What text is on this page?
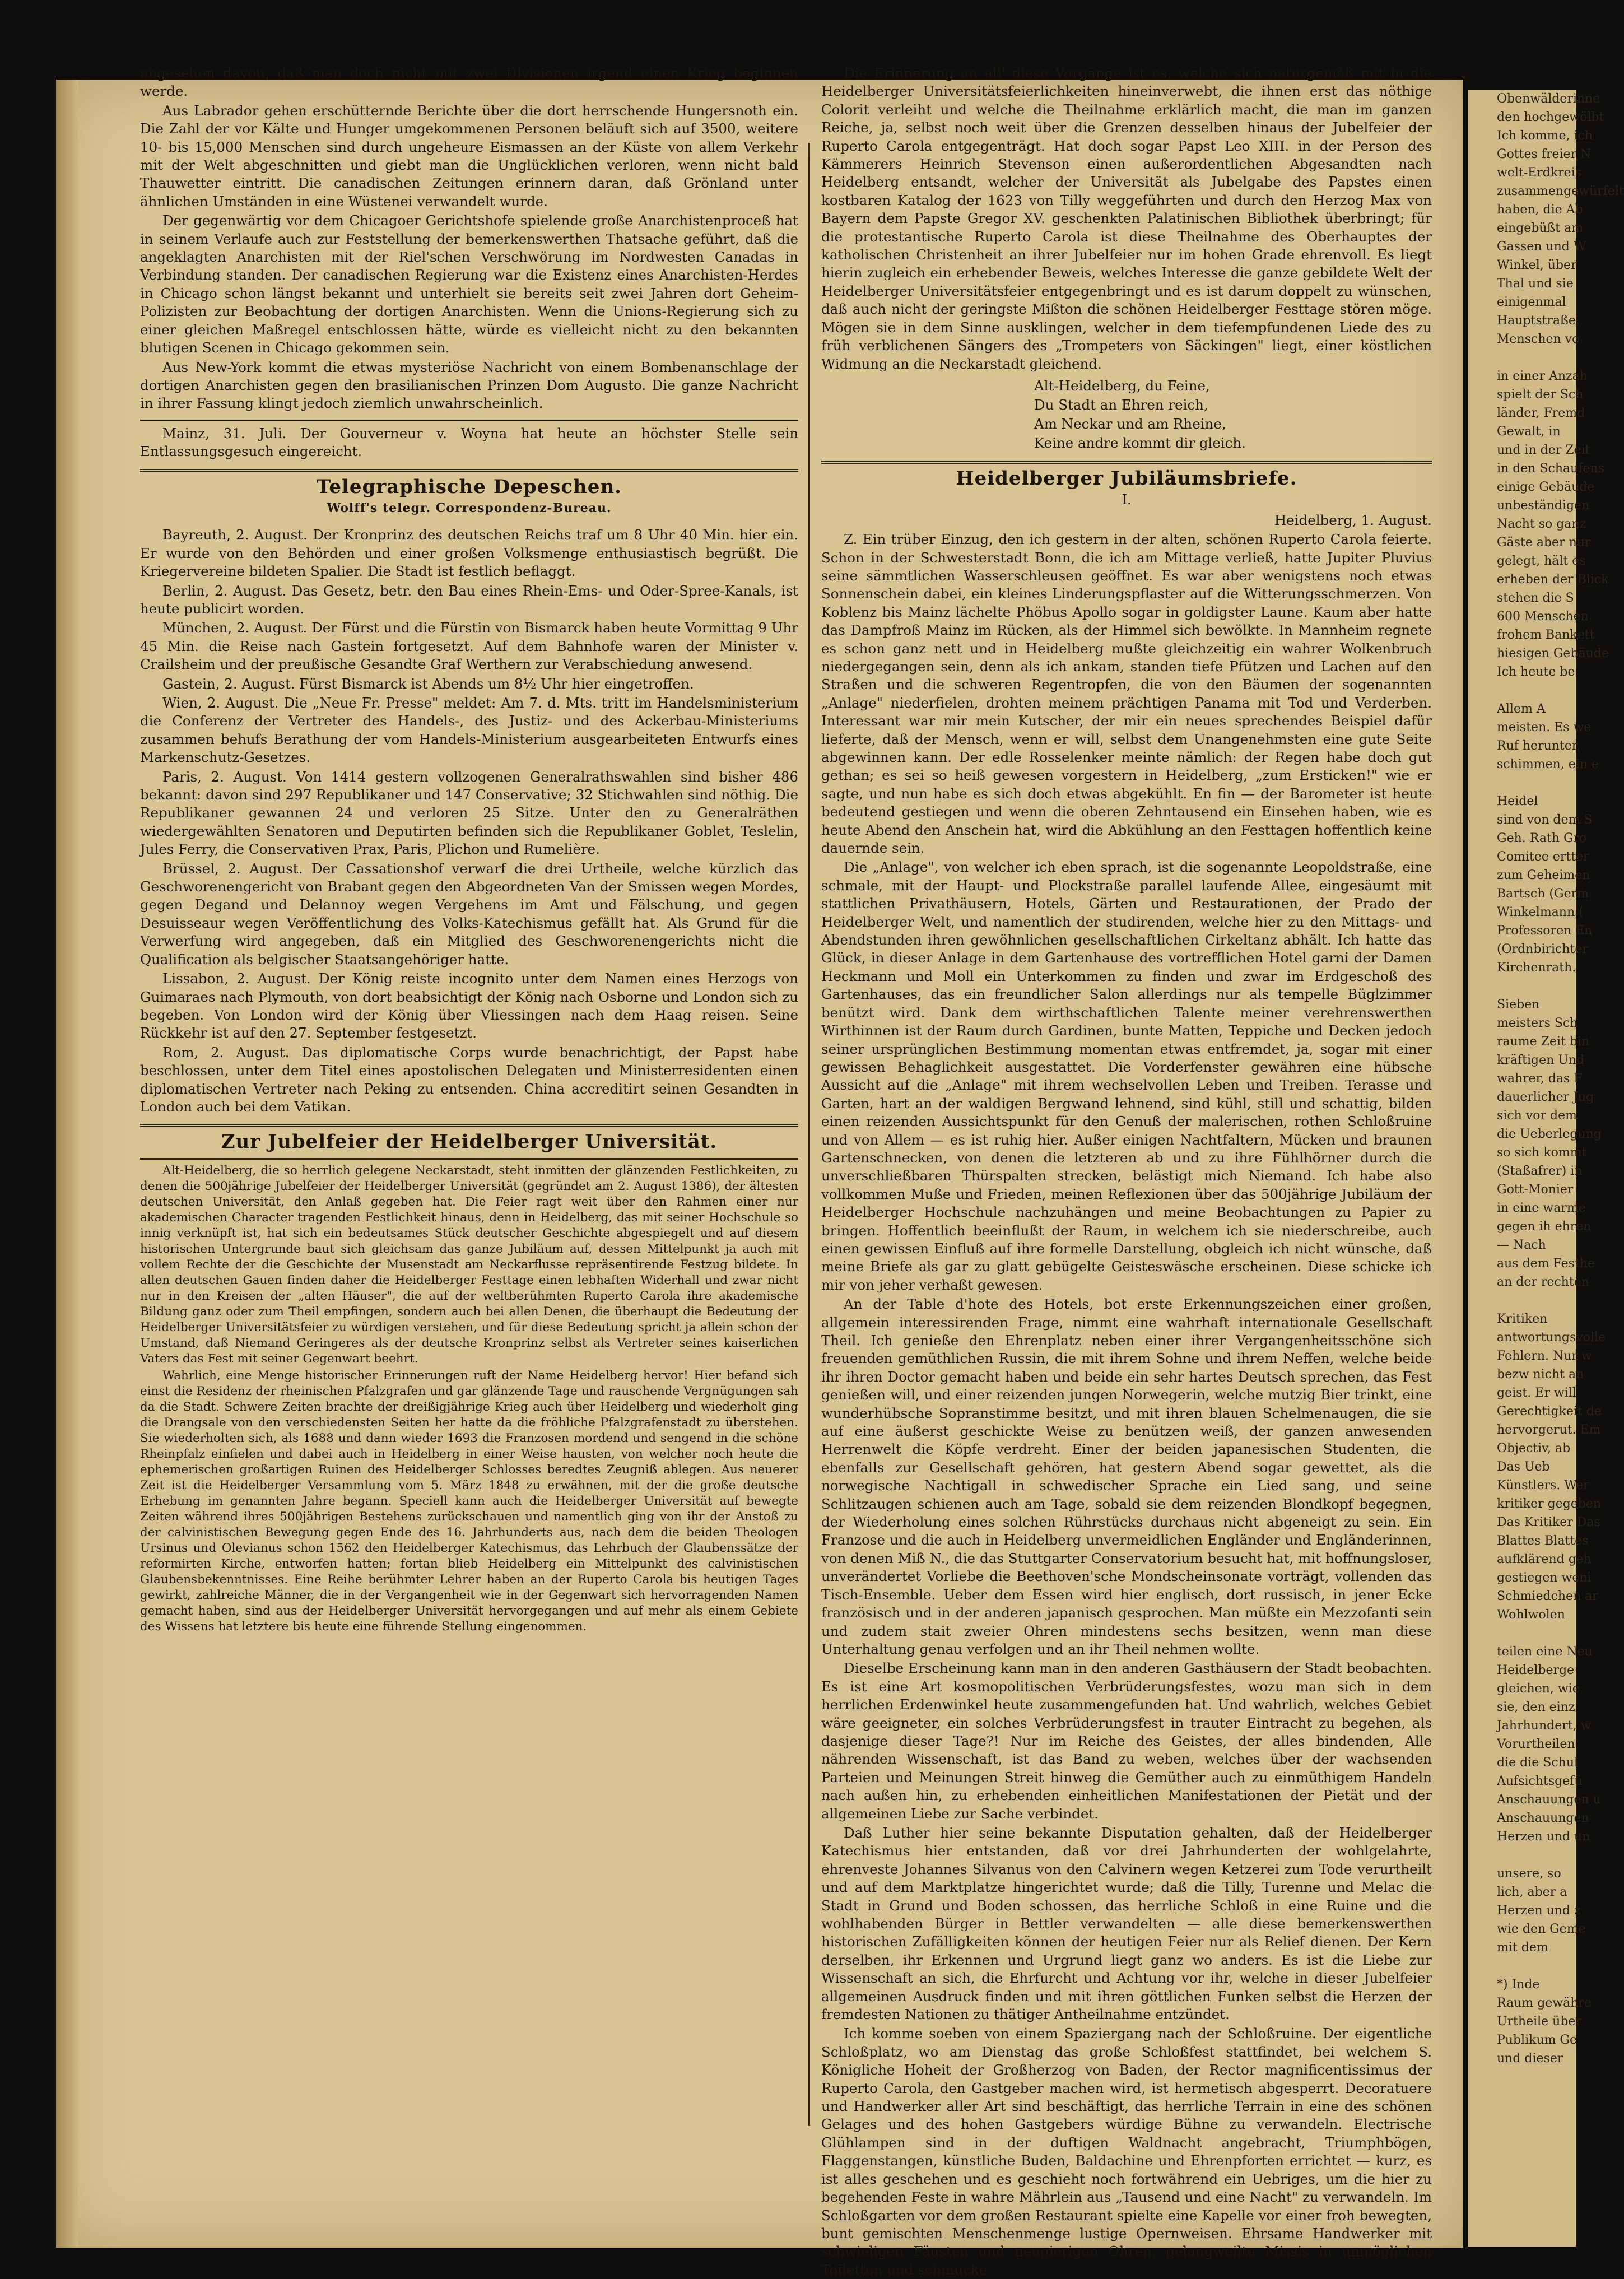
Obenwälderinne

den hochgewölbt

Ich komme, ich

Gottes freier N

welt-Erdkreis

zusammengewürfelt

haben, die Ab

eingebüßt am

Gassen und W

Winkel, über

Thal und sie

einigenmal

Hauptstraße,

Menschen vo

in einer Anzah

spielt der Sch

länder, Fremd

Gewalt, in

und in der Zeit

in den Schaufens

einige Gebäude

unbeständigen

Nacht so ganz

Gäste aber nur

gelegt, hält es

erheben der Blick

stehen die S

600 Menschen

frohem Bankett

hiesigen Gebäude

Ich heute be

Allem A

meisten. Es we

Ruf herunter,

schimmen, ein e

Heidel

sind von dem S

Geh. Rath Gro

Comitee ertter

zum Geheimen

Bartsch (Germ

Winkelmann (

Professoren En

(Ordnbirichter

Kirchenrath.

Sieben

meisters Sch

raume Zeit bin

kräftigen Und

wahrer, das F

dauerlicher Jug

sich vor dem

die Ueberlegung

so sich kommt

(Staßafrer) in

Gott-Monier

in eine warme

gegen ih ehren

— Nach

aus dem Festhe

an der rechten

Kritiken

antwortungsvolle

Fehlern. Nur w

bezw nicht an

geist. Er will

Gerechtigkeit de

hervorgerut. Em

Objectiv, ab

Das Ueb

Künstlers. Wer

kritiker gegeben

Das Kritiker Das

Blattes Blattes

aufklärend geh

gestiegen weni

Schmiedchen ar

Wohlwolen

teilen eine Neu

Heidelberge

gleichen, wie

sie, den einz

Jahrhundert, w

Vorurtheilen

die die Schul

Aufsichtsgefü

Anschauungen u

Anschauungen

Herzen und un

unsere, so

lich, aber a

Herzen und z

wie den Geme

mit dem

*) Inde

Raum gewähre

Urtheile über

Publikum Ge

und dieser

abgesehen davon, daß man doch nicht mit zwei Divisionen irgend einen Krieg beginnen werde.

Aus Labrador gehen erschütternde Berichte über die dort herrschende Hungersnoth ein. Die Zahl der vor Kälte und Hunger umgekommenen Personen beläuft sich auf 3500, weitere 10- bis 15,000 Menschen sind durch ungeheure Eismassen an der Küste von allem Verkehr mit der Welt abgeschnitten und giebt man die Unglücklichen verloren, wenn nicht bald Thauwetter eintritt. Die canadischen Zeitungen erinnern daran, daß Grönland unter ähnlichen Umständen in eine Wüstenei verwandelt wurde.

Der gegenwärtig vor dem Chicagoer Gerichtshofe spielende große Anarchistenproceß hat in seinem Verlaufe auch zur Feststellung der bemerkenswerthen Thatsache geführt, daß die angeklagten Anarchisten mit der Riel'schen Verschwörung im Nordwesten Canadas in Verbindung standen. Der canadischen Regierung war die Existenz eines Anarchisten-Herdes in Chicago schon längst bekannt und unterhielt sie bereits seit zwei Jahren dort Geheim-Polizisten zur Beobachtung der dortigen Anarchisten. Wenn die Unions-Regierung sich zu einer gleichen Maßregel entschlossen hätte, würde es vielleicht nicht zu den bekannten blutigen Scenen in Chicago gekommen sein.

Aus New-York kommt die etwas mysteriöse Nachricht von einem Bombenanschlage der dortigen Anarchisten gegen den brasilianischen Prinzen Dom Augusto. Die ganze Nachricht in ihrer Fassung klingt jedoch ziemlich unwahrscheinlich.

Mainz, 31. Juli. Der Gouverneur v. Woyna hat heute an höchster Stelle sein Entlassungsgesuch eingereicht.

Telegraphische Depeschen.
Wolff's telegr. Correspondenz-Bureau.

Bayreuth, 2. August. Der Kronprinz des deutschen Reichs traf um 8 Uhr 40 Min. hier ein. Er wurde von den Behörden und einer großen Volksmenge enthusiastisch begrüßt. Die Kriegervereine bildeten Spalier. Die Stadt ist festlich beflaggt.

Berlin, 2. August. Das Gesetz, betr. den Bau eines Rhein-Ems- und Oder-Spree-Kanals, ist heute publicirt worden.

München, 2. August. Der Fürst und die Fürstin von Bismarck haben heute Vormittag 9 Uhr 45 Min. die Reise nach Gastein fortgesetzt. Auf dem Bahnhofe waren der Minister v. Crailsheim und der preußische Gesandte Graf Werthern zur Verabschiedung anwesend.

Gastein, 2. August. Fürst Bismarck ist Abends um 8½ Uhr hier eingetroffen.

Wien, 2. August. Die „Neue Fr. Presse" meldet: Am 7. d. Mts. tritt im Handelsministerium die Conferenz der Vertreter des Handels-, des Justiz- und des Ackerbau-Ministeriums zusammen behufs Berathung der vom Handels-Ministerium ausgearbeiteten Entwurfs eines Markenschutz-Gesetzes.

Paris, 2. August. Von 1414 gestern vollzogenen Generalrathswahlen sind bisher 486 bekannt: davon sind 297 Republikaner und 147 Conservative; 32 Stichwahlen sind nöthig. Die Republikaner gewannen 24 und verloren 25 Sitze. Unter den zu Generalräthen wiedergewählten Senatoren und Deputirten befinden sich die Republikaner Goblet, Teslelin, Jules Ferry, die Conservativen Prax, Paris, Plichon und Rumelière.

Brüssel, 2. August. Der Cassationshof verwarf die drei Urtheile, welche kürzlich das Geschworenengericht von Brabant gegen den Abgeordneten Van der Smissen wegen Mordes, gegen Degand und Delannoy wegen Vergehens im Amt und Fälschung, und gegen Desuisseaur wegen Veröffentlichung des Volks-Katechismus gefällt hat. Als Grund für die Verwerfung wird angegeben, daß ein Mitglied des Geschworenengerichts nicht die Qualification als belgischer Staatsangehöriger hatte.

Lissabon, 2. August. Der König reiste incognito unter dem Namen eines Herzogs von Guimaraes nach Plymouth, von dort beabsichtigt der König nach Osborne und London sich zu begeben. Von London wird der König über Vliessingen nach dem Haag reisen. Seine Rückkehr ist auf den 27. September festgesetzt.

Rom, 2. August. Das diplomatische Corps wurde benachrichtigt, der Papst habe beschlossen, unter dem Titel eines apostolischen Delegaten und Ministerresidenten einen diplomatischen Vertreter nach Peking zu entsenden. China accreditirt seinen Gesandten in London auch bei dem Vatikan.

Zur Jubelfeier der Heidelberger Universität.

Alt-Heidelberg, die so herrlich gelegene Neckarstadt, steht inmitten der glänzenden Festlichkeiten, zu denen die 500jährige Jubelfeier der Heidelberger Universität (gegründet am 2. August 1386), der ältesten deutschen Universität, den Anlaß gegeben hat. Die Feier ragt weit über den Rahmen einer nur akademischen Character tragenden Festlichkeit hinaus, denn in Heidelberg, das mit seiner Hochschule so innig verknüpft ist, hat sich ein bedeutsames Stück deutscher Geschichte abgespiegelt und auf diesem historischen Untergrunde baut sich gleichsam das ganze Jubiläum auf, dessen Mittelpunkt ja auch mit vollem Rechte der die Geschichte der Musenstadt am Neckarflusse repräsentirende Festzug bildete. In allen deutschen Gauen finden daher die Heidelberger Festtage einen lebhaften Widerhall und zwar nicht nur in den Kreisen der „alten Häuser", die auf der weltberühmten Ruperto Carola ihre akademische Bildung ganz oder zum Theil empfingen, sondern auch bei allen Denen, die überhaupt die Bedeutung der Heidelberger Universitätsfeier zu würdigen verstehen, und für diese Bedeutung spricht ja allein schon der Umstand, daß Niemand Geringeres als der deutsche Kronprinz selbst als Vertreter seines kaiserlichen Vaters das Fest mit seiner Gegenwart beehrt.

Wahrlich, eine Menge historischer Erinnerungen ruft der Name Heidelberg hervor! Hier befand sich einst die Residenz der rheinischen Pfalzgrafen und gar glänzende Tage und rauschende Vergnügungen sah da die Stadt. Schwere Zeiten brachte der dreißigjährige Krieg auch über Heidelberg und wiederholt ging die Drangsale von den verschiedensten Seiten her hatte da die fröhliche Pfalzgrafenstadt zu überstehen. Sie wiederholten sich, als 1688 und dann wieder 1693 die Franzosen mordend und sengend in die schöne Rheinpfalz einfielen und dabei auch in Heidelberg in einer Weise hausten, von welcher noch heute die ephemerischen großartigen Ruinen des Heidelberger Schlosses beredtes Zeugniß ablegen. Aus neuerer Zeit ist die Heidelberger Versammlung vom 5. März 1848 zu erwähnen, mit der die große deutsche Erhebung im genannten Jahre begann. Speciell kann auch die Heidelberger Universität auf bewegte Zeiten während ihres 500jährigen Bestehens zurückschauen und namentlich ging von ihr der Anstoß zu der calvinistischen Bewegung gegen Ende des 16. Jahrhunderts aus, nach dem die beiden Theologen Ursinus und Olevianus schon 1562 den Heidelberger Katechismus, das Lehrbuch der Glaubenssätze der reformirten Kirche, entworfen hatten; fortan blieb Heidelberg ein Mittelpunkt des calvinistischen Glaubensbekenntnisses. Eine Reihe berühmter Lehrer haben an der Ruperto Carola bis heutigen Tages gewirkt, zahlreiche Männer, die in der Vergangenheit wie in der Gegenwart sich hervorragenden Namen gemacht haben, sind aus der Heidelberger Universität hervorgegangen und auf mehr als einem Gebiete des Wissens hat letztere bis heute eine führende Stellung eingenommen.

Die Erinnerung an all' diese Vorgänge ist es, welche sich naturgemäß mit in die Heidelberger Universitätsfeierlichkeiten hineinverwebt, die ihnen erst das nöthige Colorit verleiht und welche die Theilnahme erklärlich macht, die man im ganzen Reiche, ja, selbst noch weit über die Grenzen desselben hinaus der Jubelfeier der Ruperto Carola entgegenträgt. Hat doch sogar Papst Leo XIII. in der Person des Kämmerers Heinrich Stevenson einen außerordentlichen Abgesandten nach Heidelberg entsandt, welcher der Universität als Jubelgabe des Papstes einen kostbaren Katalog der 1623 von Tilly weggeführten und durch den Herzog Max von Bayern dem Papste Gregor XV. geschenkten Palatinischen Bibliothek überbringt; für die protestantische Ruperto Carola ist diese Theilnahme des Oberhauptes der katholischen Christenheit an ihrer Jubelfeier nur im hohen Grade ehrenvoll. Es liegt hierin zugleich ein erhebender Beweis, welches Interesse die ganze gebildete Welt der Heidelberger Universitätsfeier entgegenbringt und es ist darum doppelt zu wünschen, daß auch nicht der geringste Mißton die schönen Heidelberger Festtage stören möge. Mögen sie in dem Sinne ausklingen, welcher in dem tiefempfundenen Liede des zu früh verblichenen Sängers des „Trompeters von Säckingen" liegt, einer köstlichen Widmung an die Neckarstadt gleichend.

Alt-Heidelberg, du Feine,
Du Stadt an Ehren reich,
Am Neckar und am Rheine,
Keine andre kommt dir gleich.

Heidelberger Jubiläumsbriefe.

I.

Heidelberg, 1. August.

Z. Ein trüber Einzug, den ich gestern in der alten, schönen Ruperto Carola feierte. Schon in der Schwesterstadt Bonn, die ich am Mittage verließ, hatte Jupiter Pluvius seine sämmtlichen Wasserschleusen geöffnet. Es war aber wenigstens noch etwas Sonnenschein dabei, ein kleines Linderungspflaster auf die Witterungsschmerzen. Von Koblenz bis Mainz lächelte Phöbus Apollo sogar in goldigster Laune. Kaum aber hatte das Dampfroß Mainz im Rücken, als der Himmel sich bewölkte. In Mannheim regnete es schon ganz nett und in Heidelberg mußte gleichzeitig ein wahrer Wolkenbruch niedergegangen sein, denn als ich ankam, standen tiefe Pfützen und Lachen auf den Straßen und die schweren Regentropfen, die von den Bäumen der sogenannten „Anlage" niederfielen, drohten meinem prächtigen Panama mit Tod und Verderben. Interessant war mir mein Kutscher, der mir ein neues sprechendes Beispiel dafür lieferte, daß der Mensch, wenn er will, selbst dem Unangenehmsten eine gute Seite abgewinnen kann. Der edle Rosselenker meinte nämlich: der Regen habe doch gut gethan; es sei so heiß gewesen vorgestern in Heidelberg, „zum Ersticken!" wie er sagte, und nun habe es sich doch etwas abgekühlt. En fin — der Barometer ist heute bedeutend gestiegen und wenn die oberen Zehntausend ein Einsehen haben, wie es heute Abend den Anschein hat, wird die Abkühlung an den Festtagen hoffentlich keine dauernde sein.

Die „Anlage", von welcher ich eben sprach, ist die sogenannte Leopoldstraße, eine schmale, mit der Haupt- und Plockstraße parallel laufende Allee, eingesäumt mit stattlichen Privathäusern, Hotels, Gärten und Restaurationen, der Prado der Heidelberger Welt, und namentlich der studirenden, welche hier zu den Mittags- und Abendstunden ihren gewöhnlichen gesellschaftlichen Cirkeltanz abhält. Ich hatte das Glück, in dieser Anlage in dem Gartenhause des vortrefflichen Hotel garni der Damen Heckmann und Moll ein Unterkommen zu finden und zwar im Erdgeschoß des Gartenhauses, das ein freundlicher Salon allerdings nur als tempelle Büglzimmer benützt wird. Dank dem wirthschaftlichen Talente meiner verehrenswerthen Wirthinnen ist der Raum durch Gardinen, bunte Matten, Teppiche und Decken jedoch seiner ursprünglichen Bestimmung momentan etwas entfremdet, ja, sogar mit einer gewissen Behaglichkeit ausgestattet. Die Vorderfenster gewähren eine hübsche Aussicht auf die „Anlage" mit ihrem wechselvollen Leben und Treiben. Terasse und Garten, hart an der waldigen Bergwand lehnend, sind kühl, still und schattig, bilden einen reizenden Aussichtspunkt für den Genuß der malerischen, rothen Schloßruine und von Allem — es ist ruhig hier. Außer einigen Nachtfaltern, Mücken und braunen Gartenschnecken, von denen die letzteren ab und zu ihre Fühlhörner durch die unverschließbaren Thürspalten strecken, belästigt mich Niemand. Ich habe also vollkommen Muße und Frieden, meinen Reflexionen über das 500jährige Jubiläum der Heidelberger Hochschule nachzuhängen und meine Beobachtungen zu Papier zu bringen. Hoffentlich beeinflußt der Raum, in welchem ich sie niederschreibe, auch einen gewissen Einfluß auf ihre formelle Darstellung, obgleich ich nicht wünsche, daß meine Briefe als gar zu glatt gebügelte Geisteswäsche erscheinen. Diese schicke ich mir von jeher verhaßt gewesen.

An der Table d'hote des Hotels, bot erste Erkennungszeichen einer großen, allgemein interessirenden Frage, nimmt eine wahrhaft internationale Gesellschaft Theil. Ich genieße den Ehrenplatz neben einer ihrer Vergangenheitsschöne sich freuenden gemüthlichen Russin, die mit ihrem Sohne und ihrem Neffen, welche beide ihr ihren Doctor gemacht haben und beide ein sehr hartes Deutsch sprechen, das Fest genießen will, und einer reizenden jungen Norwegerin, welche mutzig Bier trinkt, eine wunderhübsche Sopranstimme besitzt, und mit ihren blauen Schelmenaugen, die sie auf eine äußerst geschickte Weise zu benützen weiß, der ganzen anwesenden Herrenwelt die Köpfe verdreht. Einer der beiden japanesischen Studenten, die ebenfalls zur Gesellschaft gehören, hat gestern Abend sogar gewettet, als die norwegische Nachtigall in schwedischer Sprache ein Lied sang, und seine Schlitzaugen schienen auch am Tage, sobald sie dem reizenden Blondkopf begegnen, der Wiederholung eines solchen Rührstücks durchaus nicht abgeneigt zu sein. Ein Franzose und die auch in Heidelberg unvermeidlichen Engländer und Engländerinnen, von denen Miß N., die das Stuttgarter Conservatorium besucht hat, mit hoffnungsloser, unverändertet Vorliebe die Beethoven'sche Mondscheinsonate vorträgt, vollenden das Tisch-Ensemble. Ueber dem Essen wird hier englisch, dort russisch, in jener Ecke französisch und in der anderen japanisch gesprochen. Man müßte ein Mezzofanti sein und zudem stait zweier Ohren mindestens sechs besitzen, wenn man diese Unterhaltung genau verfolgen und an ihr Theil nehmen wollte.

Dieselbe Erscheinung kann man in den anderen Gasthäusern der Stadt beobachten. Es ist eine Art kosmopolitischen Verbrüderungsfestes, wozu man sich in dem herrlichen Erdenwinkel heute zusammengefunden hat. Und wahrlich, welches Gebiet wäre geeigneter, ein solches Verbrüderungsfest in trauter Eintracht zu begehen, als dasjenige dieser Tage?! Nur im Reiche des Geistes, der alles bindenden, Alle nährenden Wissenschaft, ist das Band zu weben, welches über der wachsenden Parteien und Meinungen Streit hinweg die Gemüther auch zu einmüthigem Handeln nach außen hin, zu erhebenden einheitlichen Manifestationen der Pietät und der allgemeinen Liebe zur Sache verbindet.

Daß Luther hier seine bekannte Disputation gehalten, daß der Heidelberger Katechismus hier entstanden, daß vor drei Jahrhunderten der wohlgelahrte, ehrenveste Johannes Silvanus von den Calvinern wegen Ketzerei zum Tode verurtheilt und auf dem Marktplatze hingerichtet wurde; daß die Tilly, Turenne und Melac die Stadt in Grund und Boden schossen, das herrliche Schloß in eine Ruine und die wohlhabenden Bürger in Bettler verwandelten — alle diese bemerkenswerthen historischen Zufälligkeiten können der heutigen Feier nur als Relief dienen. Der Kern derselben, ihr Erkennen und Urgrund liegt ganz wo anders. Es ist die Liebe zur Wissenschaft an sich, die Ehrfurcht und Achtung vor ihr, welche in dieser Jubelfeier allgemeinen Ausdruck finden und mit ihren göttlichen Funken selbst die Herzen der fremdesten Nationen zu thätiger Antheilnahme entzündet.

Ich komme soeben von einem Spaziergang nach der Schloßruine. Der eigentliche Schloßplatz, wo am Dienstag das große Schloßfest stattfindet, bei welchem S. Königliche Hoheit der Großherzog von Baden, der Rector magnificentissimus der Ruperto Carola, den Gastgeber machen wird, ist hermetisch abgesperrt. Decoratuere und Handwerker aller Art sind beschäftigt, das herrliche Terrain in eine des schönen Gelages und des hohen Gastgebers würdige Bühne zu verwandeln. Electrische Glühlampen sind in der duftigen Waldnacht angebracht, Triumphbögen, Flaggenstangen, künstliche Buden, Baldachine und Ehrenpforten errichtet — kurz, es ist alles geschehen und es geschieht noch fortwährend ein Uebriges, um die hier zu begehenden Feste in wahre Mährlein aus „Tausend und eine Nacht" zu verwandeln. Im Schloßgarten vor dem großen Restaurant spielte eine Kapelle vor einer froh bewegten, bunt gemischten Menschenmenge lustige Opernweisen. Ehrsame Handwerker mit schwieligen Fäusten und neugierigen Ohren, gelangweilte Missis in unmöglichen Toiletten und schmucke
